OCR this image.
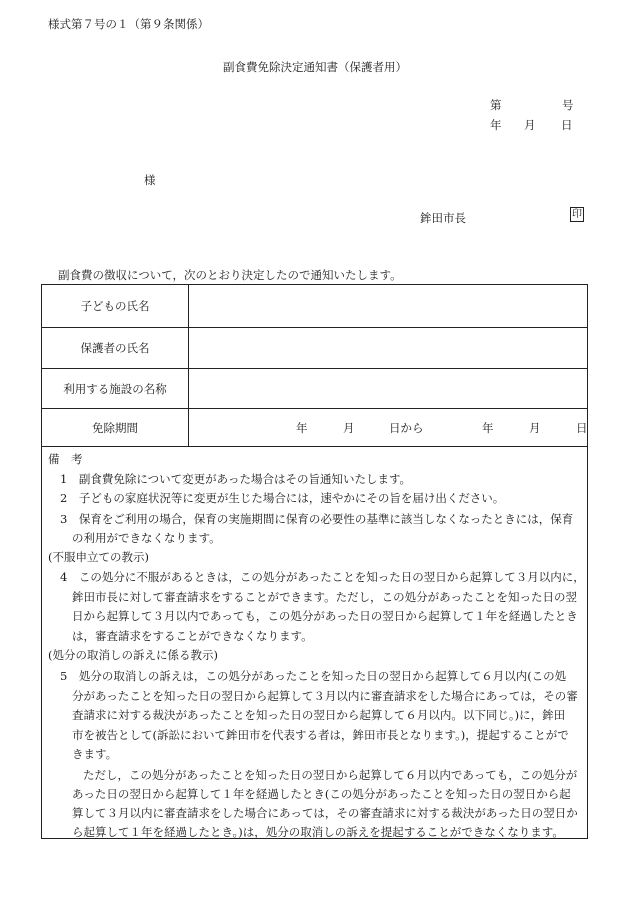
様式第７号の１（第９条関係）
副食費免除決定通知書（保護者用）
第	号
年 月 日
様
鉾田市長	印
副食費の徴収について，次のとおり決定したので通知いたします。
子どもの氏名
保護者の氏名
利用する施設の名称
免除期間	年	月	日から	年	月	日
備　考
1　副食費免除について変更があった場合はその旨通知いたします。
2　子どもの家庭状況等に変更が生じた場合には，速やかにその旨を届け出ください。
3　保育をご利用の場合，保育の実施期間に保育の必要性の基準に該当しなくなったときには，保育
の利用ができなくなります。
(不服申立ての教示)
4　この処分に不服があるときは，この処分があったことを知った日の翌日から起算して３月以内に，
鉾田市長に対して審査請求をすることができます。ただし，この処分があったことを知った日の翌
日から起算して３月以内であっても，この処分があった日の翌日から起算して１年を経過したとき
は，審査請求をすることができなくなります。
(処分の取消しの訴えに係る教示)
5　処分の取消しの訴えは，この処分があったことを知った日の翌日から起算して６月以内(この処
分があったことを知った日の翌日から起算して３月以内に審査請求をした場合にあっては，その審
査請求に対する裁決があったことを知った日の翌日から起算して６月以内。以下同じ。)に，鉾田
市を被告として(訴訟において鉾田市を代表する者は，鉾田市長となります。)，提起することがで
きます。
ただし，この処分があったことを知った日の翌日から起算して６月以内であっても，この処分が
あった日の翌日から起算して１年を経過したとき(この処分があったことを知った日の翌日から起
算して３月以内に審査請求をした場合にあっては，その審査請求に対する裁決があった日の翌日か
ら起算して１年を経過したとき。)は，処分の取消しの訴えを提起することができなくなります。
